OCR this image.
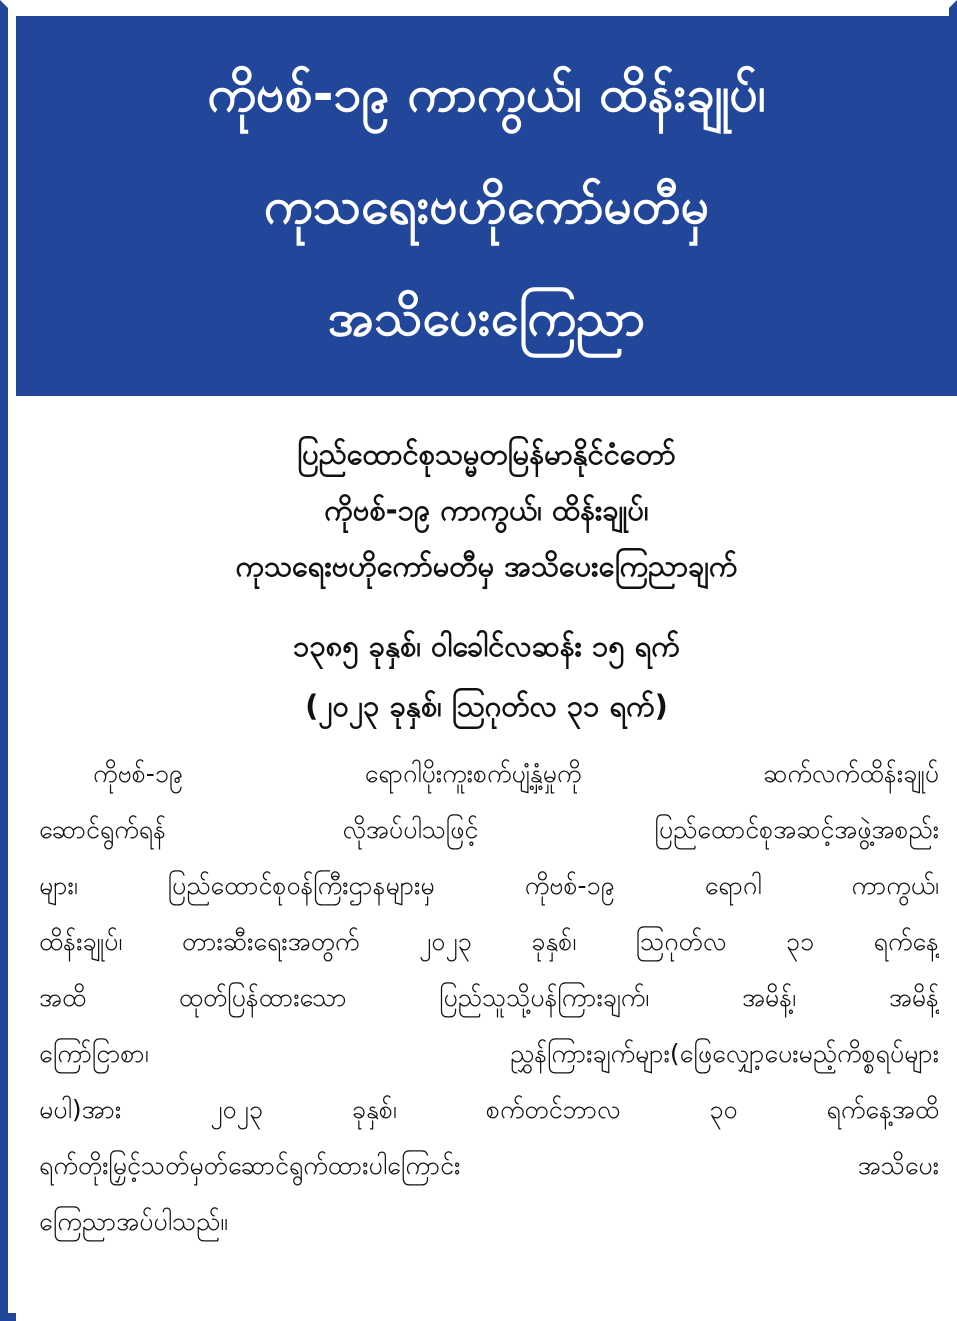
ကိုဗစ်-၁၉ ကာကွယ်၊ ထိန်းချုပ်၊
ကုသရေးဗဟိုကော်မတီမှ
အသိပေးကြေညာ
ပြည်ထောင်စုသမ္မတမြန်မာနိုင်ငံတော်
ကိုဗစ်-၁၉ ကာကွယ်၊ ထိန်းချုပ်၊
ကုသရေးဗဟိုကော်မတီမှ အသိပေးကြေညာချက်
၁၃၈၅ ခုနှစ်၊ ဝါခေါင်လဆန်း ၁၅ ရက်
(၂၀၂၃ ခုနှစ်၊ ဩဂုတ်လ ၃၁ ရက်)
ကိုဗစ်-၁၉ ရောဂါပိုးကူးစက်ပျံ့နှံ့မှုကို ဆက်လက်ထိန်းချုပ်
ဆောင်ရွက်ရန် လိုအပ်ပါသဖြင့် ပြည်ထောင်စုအဆင့်အဖွဲ့အစည်း
များ၊ ပြည်ထောင်စုဝန်ကြီးဌာနများမှ ကိုဗစ်-၁၉ ရောဂါ ကာကွယ်၊
ထိန်းချုပ်၊ တားဆီးရေးအတွက် ၂၀၂၃ ခုနှစ်၊ ဩဂုတ်လ ၃၁ ရက်နေ့
အထိ ထုတ်ပြန်ထားသော ပြည်သူသို့ပန်ကြားချက်၊ အမိန့်၊ အမိန့်
ကြော်ငြာစာ၊ ညွှန်ကြားချက်များ(ဖြေလျှော့ပေးမည့်ကိစ္စရပ်များ
မပါ)အား ၂၀၂၃ ခုနှစ်၊ စက်တင်ဘာလ ၃၀ ရက်နေ့အထိ
ရက်တိုးမြှင့်သတ်မှတ်ဆောင်ရွက်ထားပါကြောင်း အသိပေး
ကြေညာအပ်ပါသည်။
